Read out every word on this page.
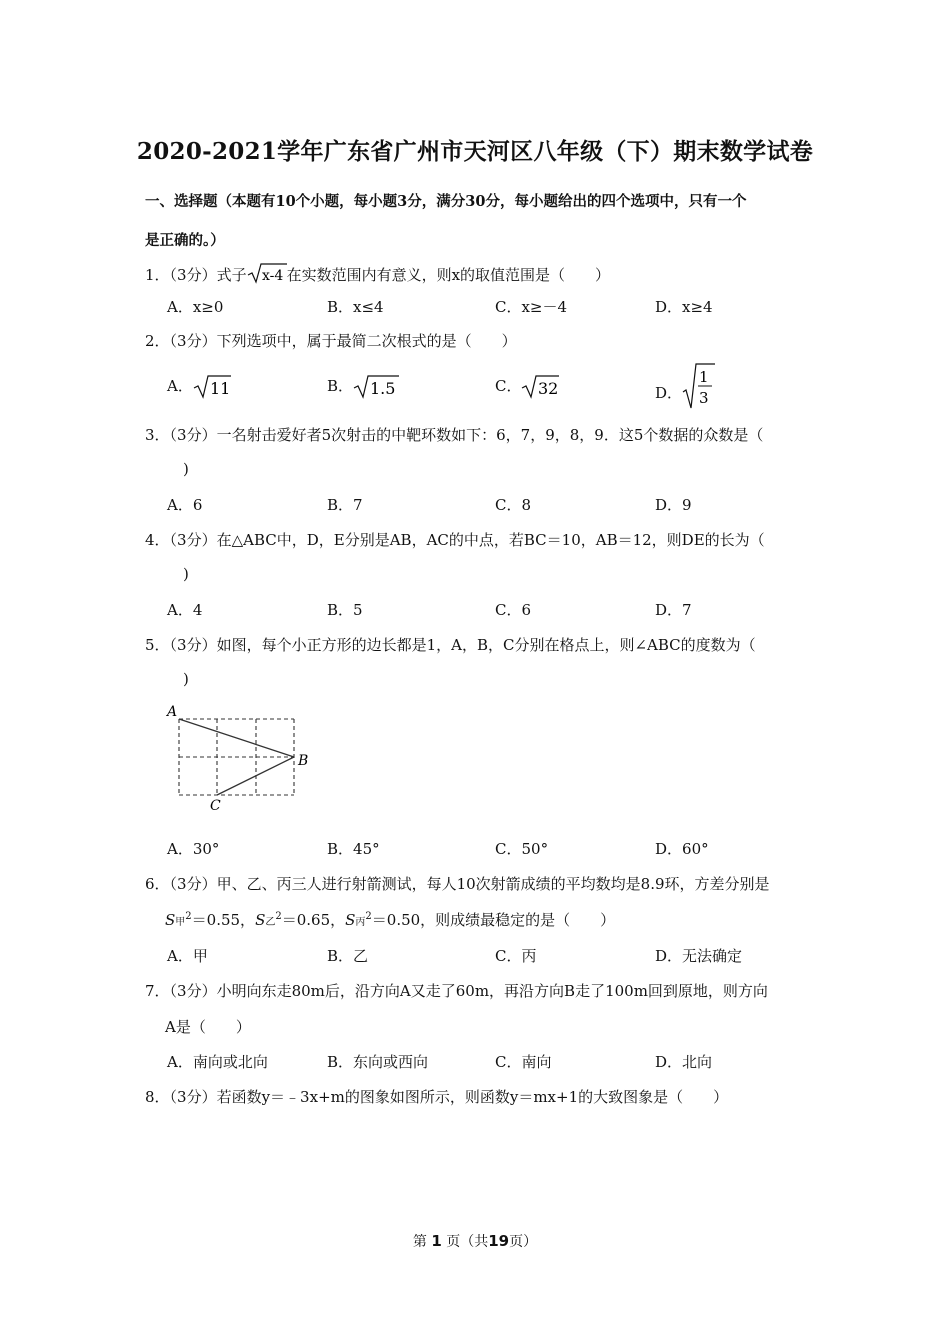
2020-2021学年广东省广州市天河区八年级（下）期末数学试卷
一、选择题（本题有10个小题，每小题3分，满分30分，每小题给出的四个选项中，只有一个
是正确的。）
1．（3分）式子 x-4 在实数范围内有意义，则x的取值范围是（　　）
A．x≥0	B．x≤4	C．x≥－4	D．x≥4
2．（3分）下列选项中，属于最简二次根式的是（　　）
A． 11	B． 1.5	C． 32	D．
1
3
3．（3分）一名射击爱好者5次射击的中靶环数如下：6，7，9，8，9．这5个数据的众数是（
)
A．6	B．7	C．8	D．9
4．（3分）在△ABC中，D，E分别是AB，AC的中点，若BC＝10，AB＝12，则DE的长为（
)
A．4	B．5	C．6	D．7
5．（3分）如图，每个小正方形的边长都是1，A，B，C分别在格点上，则∠ABC的度数为（
)
A
B
C
A．30°	B．45°	C．50°	D．60°
6．（3分）甲、乙、丙三人进行射箭测试，每人10次射箭成绩的平均数均是8.9环，方差分别是
S甲$^2$＝0.55，S乙$^2$＝0.65，S丙$^2$＝0.50，则成绩最稳定的是（　　）
A．甲	B．乙	C．丙	D．无法确定
7．（3分）小明向东走80m后，沿方向A又走了60m，再沿方向B走了100m回到原地，则方向
A是（　　）
A．南向或北向	B．东向或西向	C．南向	D．北向
8．（3分）若函数y＝﹣3x+m的图象如图所示，则函数y＝mx+1的大致图象是（　　）
第 1 页（共19页）
